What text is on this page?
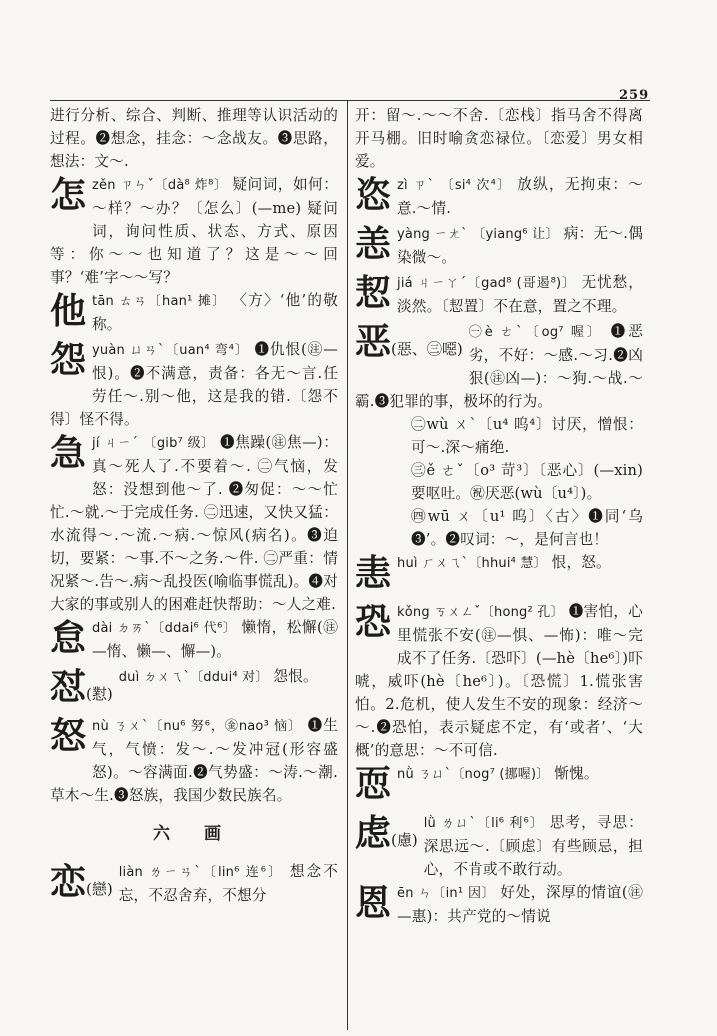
259

进行分析、综合、判断、推理等认识活动的过程。❷想念，挂念：～念战友。❸思路，想法：文～.

怎 zěn ㄗㄣˇ〔dà⁸ 炸⁸〕 疑问词，如何：～样？～办？〔怎么〕(—me) 疑问词，询问性质、状态、方式、原因等：你～～也知道了？这是～～回事？‘难’字～～写？
他 tān ㄊㄢ〔han¹ 摊〕 〈方〉‘他’的敬称。
怨 yuàn ㄩㄢˋ〔uan⁴ 弯⁴〕 ❶仇恨(㊟—恨)。❷不满意，责备：各无～言.任劳任～.别～他，这是我的错.〔怨不得〕怪不得。
急 jí ㄐㄧˊ 〔gib⁷ 级〕 ❶焦躁(㊟焦—)：真～死人了.不要着～. ㊁气恼，发怒：没想到他～了. ❷匆促：～～忙忙.～就.～于完成任务. ㊁迅速，又快又猛：水流得～.～流.～病.～惊风(病名)。❸迫切，要紧：～事.不～之务.～件. ㊁严重：情况紧～.告～.病～乱投医(喻临事慌乱)。❹对大家的事或别人的困难赶快帮助：～人之难.
怠 dài ㄉㄞˋ〔ddai⁶ 代⁶〕 懒惰，松懈(㊟—惰、懒—、懈—)。
怼(懟)
duì ㄉㄨㄟˋ〔ddui⁴ 对〕 怨恨。
怒 nù ㄋㄨˋ〔nu⁶ 努⁶，㊎nao³ 恼〕 ❶生气，气愤：发～.～发冲冠(形容盛怒)。～容满面.❷气势盛：～涛.～潮.草木～生.❸怒族，我国少数民族名。
六 画
恋(戀)
liàn ㄌㄧㄢˋ〔lin⁶ 连⁶〕 想念不忘，不忍舍弃，不想分

开：留～.～～不舍.〔恋栈〕指马舍不得离开马棚。旧时喻贪恋禄位。〔恋爱〕男女相爱。

恣 zì ㄗˋ 〔si⁴ 次⁴〕 放纵，无拘束：～意.～情.
恙 yàng ㄧㄤˋ 〔yiang⁶ 让〕 病：无～.偶染微～。
恝 jiá ㄐㄧㄚˊ〔gad⁸ (哥遏⁸)〕 无忧愁，淡然。〔恝置〕不在意，置之不理。
恶(惡、㊂噁)
㊀è ㄜˋ〔og⁷ 喔〕 ❶恶劣，不好：～感.～习.❷凶狠(㊟凶—)：～狗.～战.～霸.❸犯罪的事，极坏的行为。

㊁wù ㄨˋ〔u⁴ 呜⁴〕讨厌，憎恨：可～.深～痛绝.

㊂ě ㄜˇ〔o³ 苛³〕〔恶心〕(—xin) 要呕吐。㊗厌恶(wù〔u⁴〕)。

㊃wū ㄨ〔u¹ 呜〕〈古〉❶同‘乌❸’。❷叹词：～，是何言也！

恚 huì ㄏㄨㄟˋ〔hhui⁴ 慧〕 恨，怒。
恐 kǒng ㄎㄨㄥˇ〔hong² 孔〕 ❶害怕，心里慌张不安(㊟—惧、—怖)：唯～完成不了任务.〔恐吓〕(—hè〔he⁶〕)吓唬，威吓(hè〔he⁶〕)。〔恐慌〕1.慌张害怕。2.危机，使人发生不安的现象：经济～～.❷恐怕，表示疑虑不定，有‘或者’、‘大概’的意思：～不可信.
恧 nǜ ㄋㄩˋ〔nog⁷ (挪喔)〕 惭愧。
虑(慮)
lǜ ㄌㄩˋ〔li⁶ 利⁶〕 思考，寻思：深思远～.〔顾虑〕有些顾忌，担心，不肯或不敢行动。
恩 ēn ㄣ〔in¹ 因〕 好处，深厚的情谊(㊟—惠)：共产党的～情说
